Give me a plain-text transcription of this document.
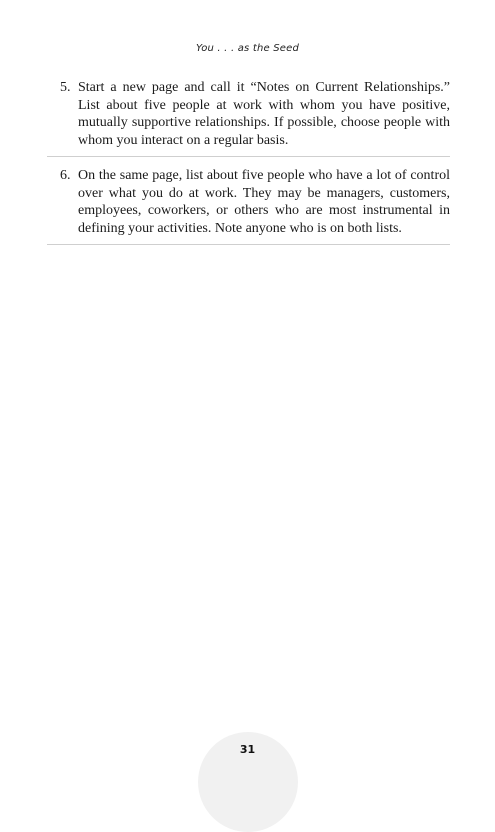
You . . . as the Seed
5. Start a new page and call it “Notes on Current Relationships.” List about five people at work with whom you have positive, mutually supportive relationships. If possible, choose people with whom you interact on a regular basis.
6. On the same page, list about five people who have a lot of control over what you do at work. They may be managers, customers, employees, coworkers, or others who are most instrumental in defining your activities. Note anyone who is on both lists.
31
